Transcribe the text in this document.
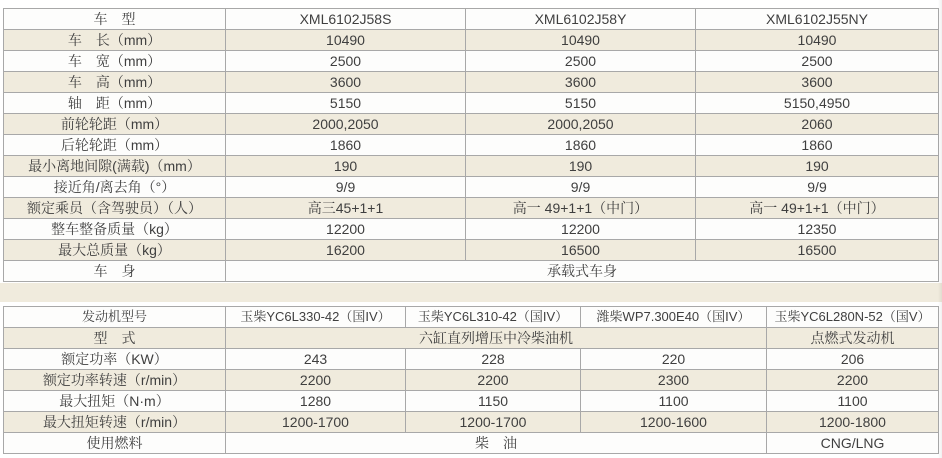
车　型	XML6102J58S	XML6102J58Y	XML6102J55NY
车　长（mm）	10490	10490	10490
车　宽（mm）	2500	2500	2500
车　高（mm）	3600	3600	3600
轴　距（mm）	5150	5150	5150,4950
前轮轮距（mm）	2000,2050	2000,2050	2060
后轮轮距（mm）	1860	1860	1860
最小离地间隙(满载)（mm）	190	190	190
接近角/离去角（°）	9/9	9/9	9/9
额定乘员（含驾驶员）（人）	高三45+1+1	高一 49+1+1（中门）	高一 49+1+1（中门）
整车整备质量（kg）	12200	12200	12350
最大总质量（kg）	16200	16500	16500
车　身	承载式车身		
发动机型号	玉柴YC6L330-42（国IV）	玉柴YC6L310-42（国IV）	潍柴WP7.300E40（国IV）	玉柴YC6L280N-52（国V）
型　式	六缸直列增压中冷柴油机			点燃式发动机
额定功率（KW）	243	228	220	206
额定功率转速（r/min）	2200	2200	2300	2200
最大扭矩（N·m）	1280	1150	1100	1100
最大扭矩转速（r/min）	1200-1700	1200-1700	1200-1600	1200-1800
使用燃料	柴　油			CNG/LNG
